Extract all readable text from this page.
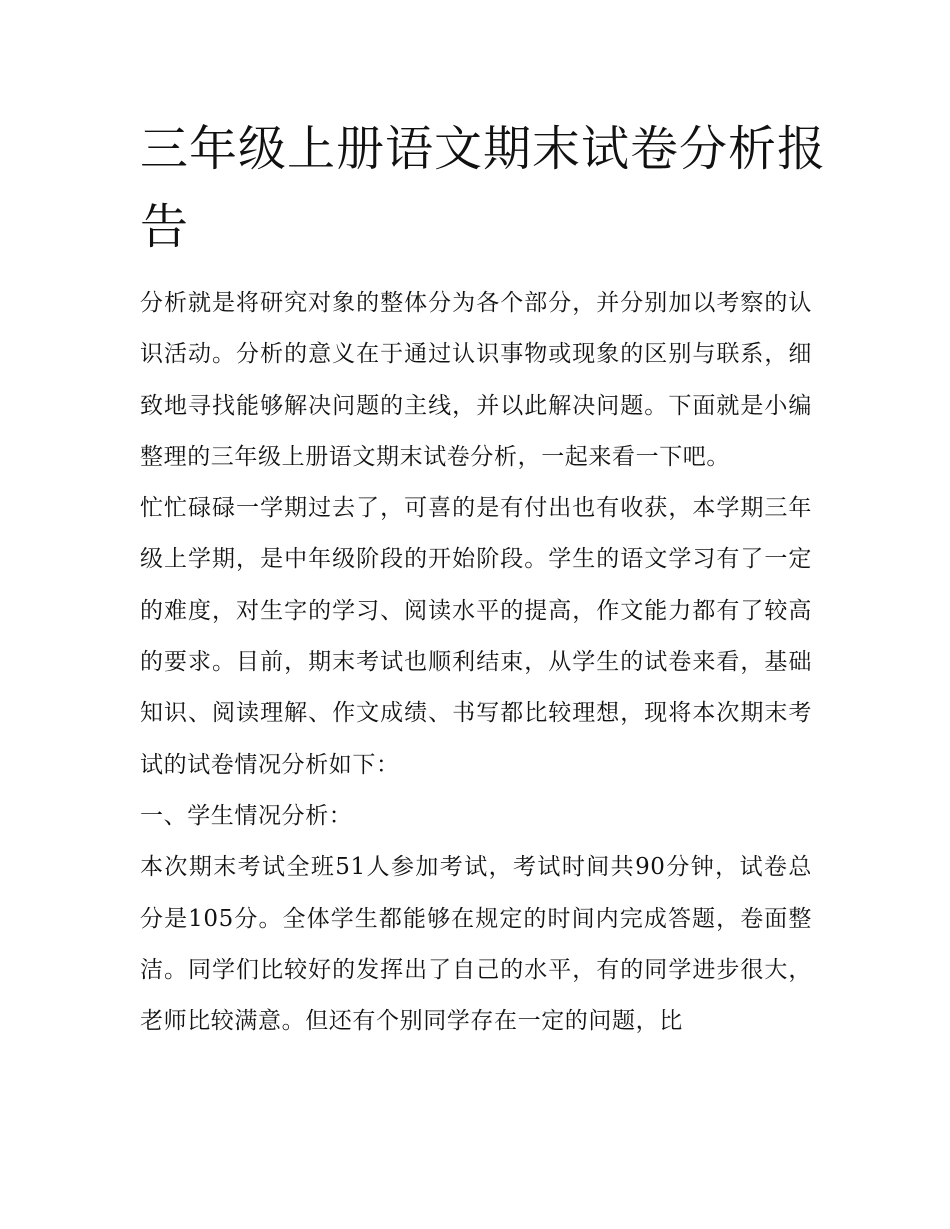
三年级上册语文期末试卷分析报告

分析就是将研究对象的整体分为各个部分，并分别加以考察的认识活动。分析的意义在于通过认识事物或现象的区别与联系，细致地寻找能够解决问题的主线，并以此解决问题。下面就是小编整理的三年级上册语文期末试卷分析，一起来看一下吧。

忙忙碌碌一学期过去了，可喜的是有付出也有收获，本学期三年级上学期，是中年级阶段的开始阶段。学生的语文学习有了一定的难度，对生字的学习、阅读水平的提高，作文能力都有了较高的要求。目前，期末考试也顺利结束，从学生的试卷来看，基础知识、阅读理解、作文成绩、书写都比较理想，现将本次期末考试的试卷情况分析如下：

一、学生情况分析：

本次期末考试全班51人参加考试，考试时间共90分钟，试卷总分是105分。全体学生都能够在规定的时间内完成答题，卷面整洁。同学们比较好的发挥出了自己的水平，有的同学进步很大，老师比较满意。但还有个别同学存在一定的问题，比
